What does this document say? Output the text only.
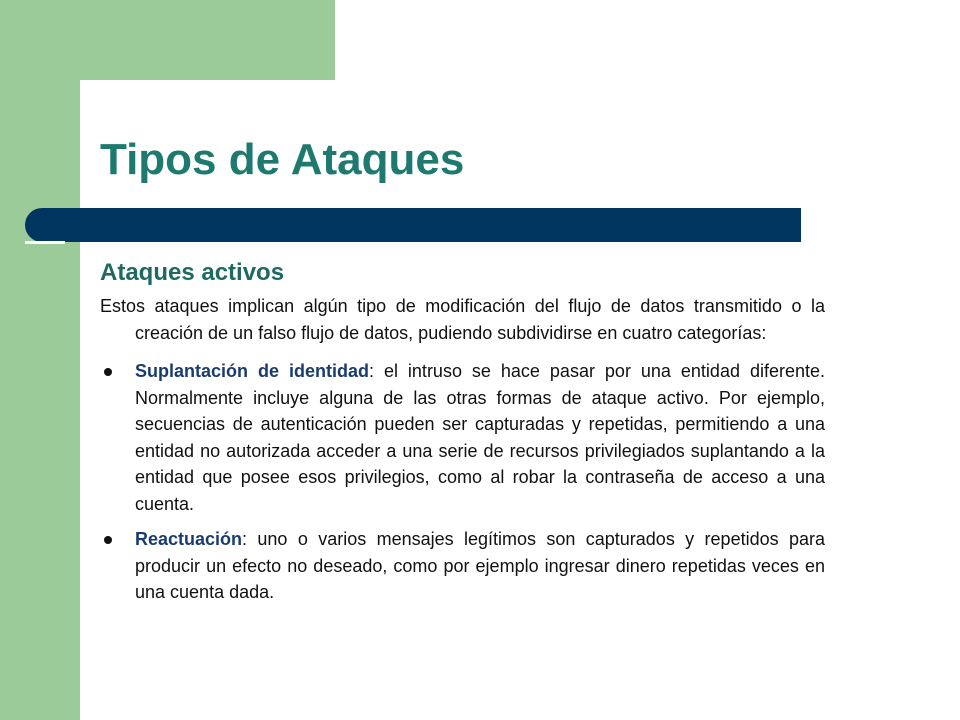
Tipos de Ataques
Ataques activos

Estos ataques implican algún tipo de modificación del flujo de datos transmitido o la creación de un falso flujo de datos, pudiendo subdividirse en cuatro categorías:

Suplantación de identidad: el intruso se hace pasar por una entidad diferente. Normalmente incluye alguna de las otras formas de ataque activo. Por ejemplo, secuencias de autenticación pueden ser capturadas y repetidas, permitiendo a una entidad no autorizada acceder a una serie de recursos privilegiados suplantando a la entidad que posee esos privilegios, como al robar la contraseña de acceso a una cuenta.
Reactuación: uno o varios mensajes legítimos son capturados y repetidos para producir un efecto no deseado, como por ejemplo ingresar dinero repetidas veces en una cuenta dada.
